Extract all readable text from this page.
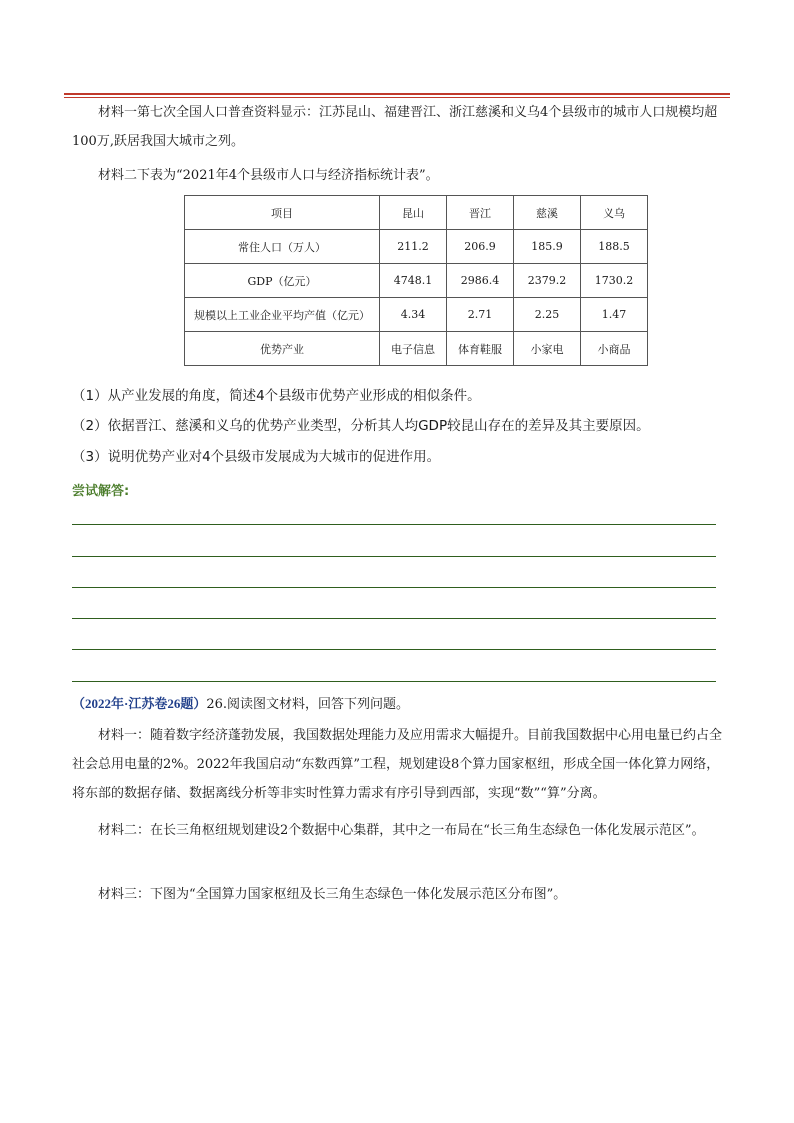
材料一第七次全国人口普查资料显示：江苏昆山、福建晋江、浙江慈溪和义乌4个县级市的城市人口规模均超100万,跃居我国大城市之列。

材料二下表为“2021年4个县级市人口与经济指标统计表”。

项目	昆山	晋江	慈溪	义乌
常住人口（万人）	211.2	206.9	185.9	188.5
GDP（亿元）	4748.1	2986.4	2379.2	1730.2
规模以上工业企业平均产值（亿元）	4.34	2.71	2.25	1.47
优势产业	电子信息	体育鞋服	小家电	小商品

（1）从产业发展的角度，简述4个县级市优势产业形成的相似条件。

（2）依据晋江、慈溪和义乌的优势产业类型，分析其人均GDP较昆山存在的差异及其主要原因。

（3）说明优势产业对4个县级市发展成为大城市的促进作用。

尝试解答:

（2022年·江苏卷26题）26.阅读图文材料，回答下列问题。

材料一：随着数字经济蓬勃发展，我国数据处理能力及应用需求大幅提升。目前我国数据中心用电量已约占全社会总用电量的2%。2022年我国启动“东数西算”工程，规划建设8个算力国家枢纽，形成全国一体化算力网络，将东部的数据存储、数据离线分析等非实时性算力需求有序引导到西部，实现“数”“算”分离。

材料二：在长三角枢纽规划建设2个数据中心集群，其中之一布局在“长三角生态绿色一体化发展示范区”。

材料三：下图为“全国算力国家枢纽及长三角生态绿色一体化发展示范区分布图”。
